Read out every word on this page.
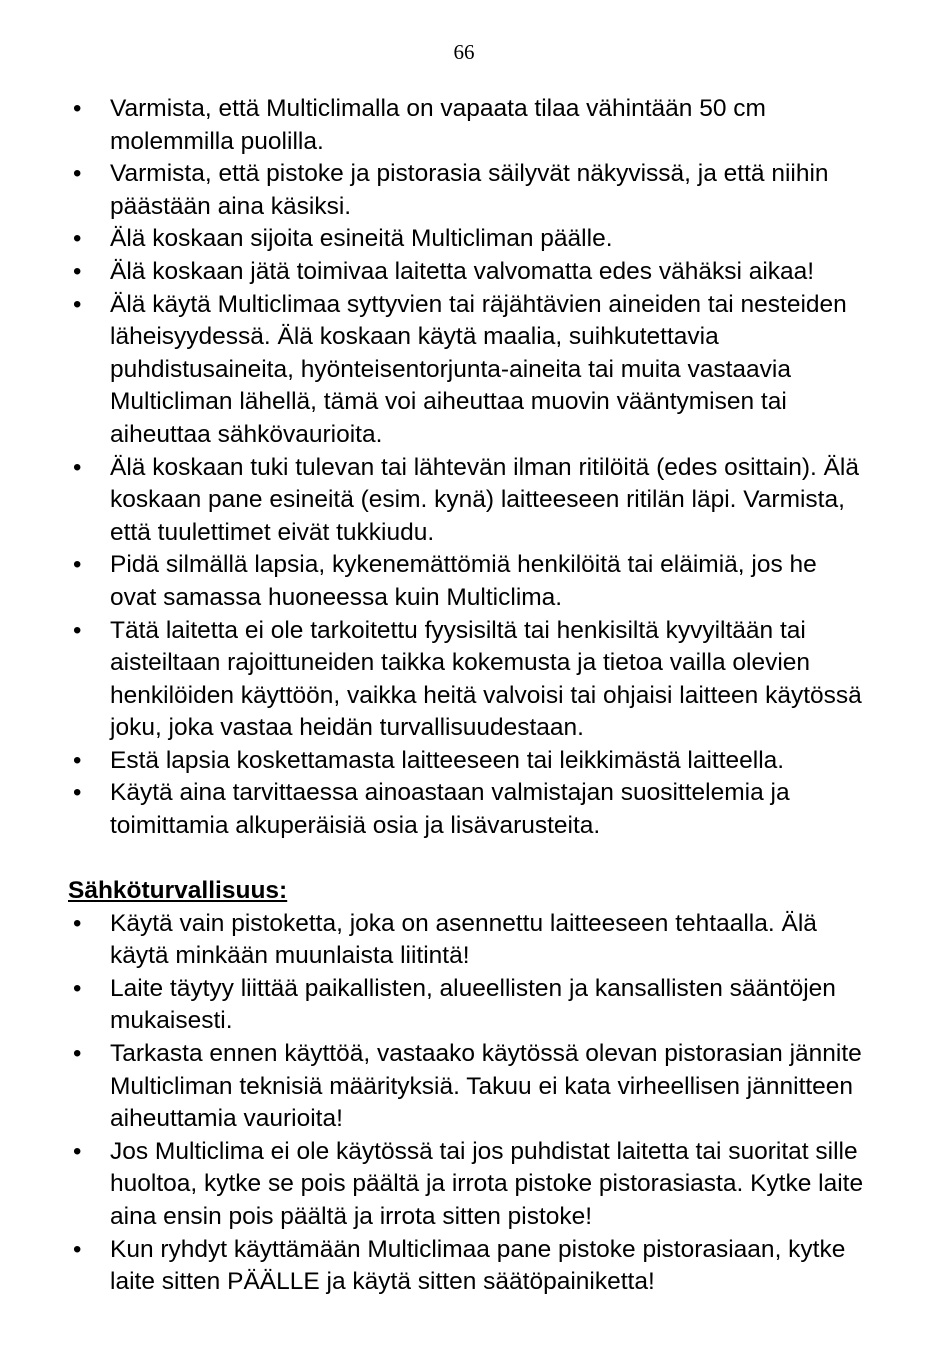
66
• Varmista, että Multiclimalla on vapaata tilaa vähintään 50 cm molemmilla puolilla.
• Varmista, että pistoke ja pistorasia säilyvät näkyvissä, ja että niihin päästään aina käsiksi.
• Älä koskaan sijoita esineitä Multicliman päälle.
• Älä koskaan jätä toimivaa laitetta valvomatta edes vähäksi aikaa!
• Älä käytä Multiclimaa syttyvien tai räjähtävien aineiden tai nesteiden läheisyydessä. Älä koskaan käytä maalia, suihkutettavia puhdistusaineita, hyönteisentorjunta-aineita tai muita vastaavia Multicliman lähellä, tämä voi aiheuttaa muovin vääntymisen tai aiheuttaa sähkövaurioita.
• Älä koskaan tuki tulevan tai lähtevän ilman ritilöitä (edes osittain). Älä koskaan pane esineitä (esim. kynä) laitteeseen ritilän läpi. Varmista, että tuulettimet eivät tukkiudu.
• Pidä silmällä lapsia, kykenemättömiä henkilöitä tai eläimiä, jos he ovat samassa huoneessa kuin Multiclima.
• Tätä laitetta ei ole tarkoitettu fyysisiltä tai henkisiltä kyvyiltään tai aisteiltaan rajoittuneiden taikka kokemusta ja tietoa vailla olevien henkilöiden käyttöön, vaikka heitä valvoisi tai ohjaisi laitteen käytössä joku, joka vastaa heidän turvallisuudestaan.
• Estä lapsia koskettamasta laitteeseen tai leikkimästä laitteella.
• Käytä aina tarvittaessa ainoastaan valmistajan suosittelemia ja toimittamia alkuperäisiä osia ja lisävarusteita.
Sähköturvallisuus:
• Käytä vain pistoketta, joka on asennettu laitteeseen tehtaalla. Älä käytä minkään muunlaista liitintä!
• Laite täytyy liittää paikallisten, alueellisten ja kansallisten sääntöjen mukaisesti.
• Tarkasta ennen käyttöä, vastaako käytössä olevan pistorasian jännite Multicliman teknisiä määrityksiä. Takuu ei kata virheellisen jännitteen aiheuttamia vaurioita!
• Jos Multiclima ei ole käytössä tai jos puhdistat laitetta tai suoritat sille huoltoa, kytke se pois päältä ja irrota pistoke pistorasiasta. Kytke laite aina ensin pois päältä ja irrota sitten pistoke!
• Kun ryhdyt käyttämään Multiclimaa pane pistoke pistorasiaan, kytke laite sitten PÄÄLLE ja käytä sitten säätöpainiketta!
